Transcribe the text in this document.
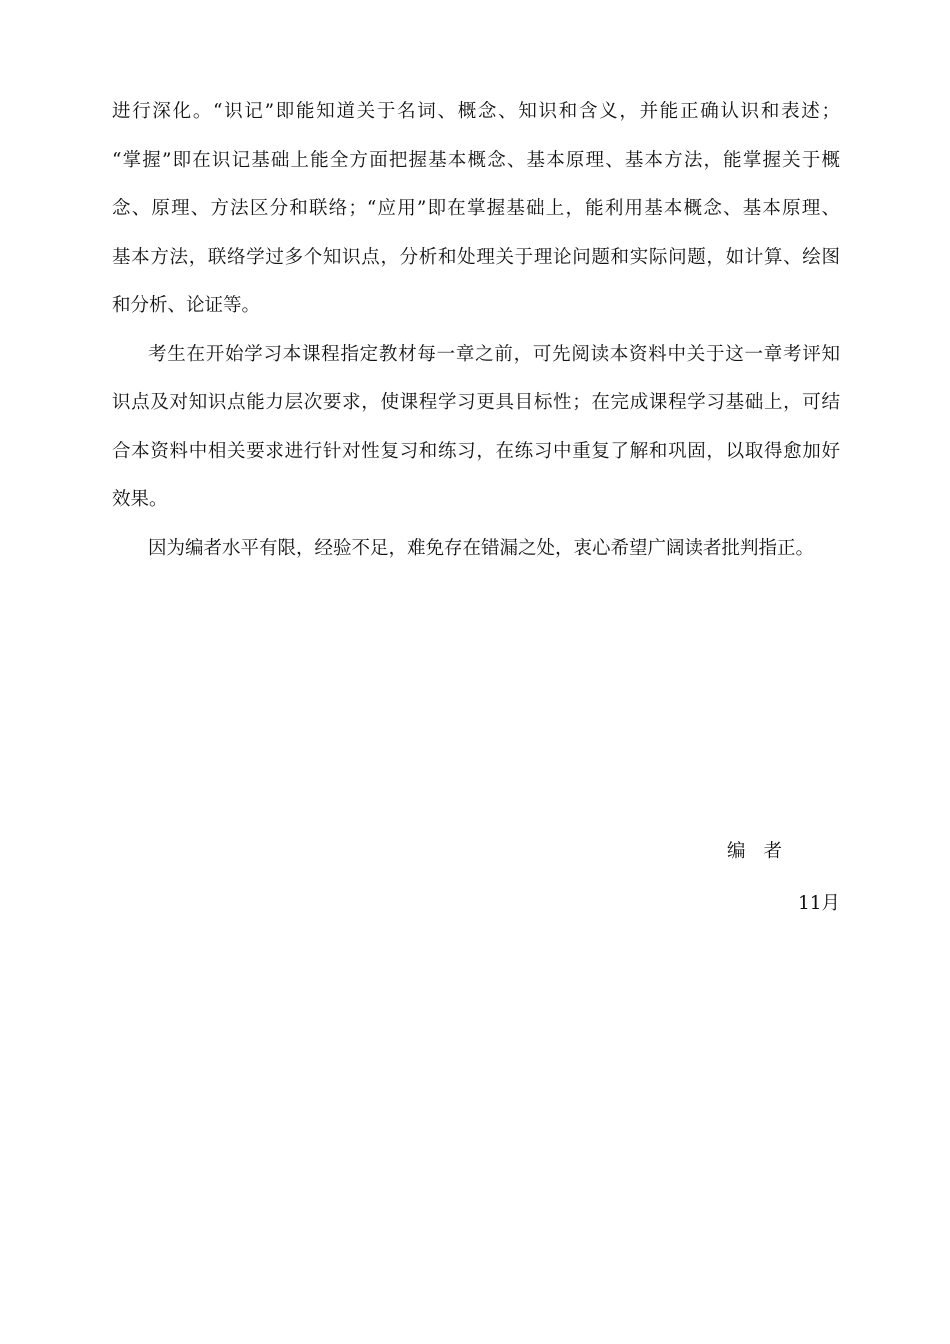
进行深化。“识记”即能知道关于名词、概念、知识和含义，并能正确认识和表述；
“掌握”即在识记基础上能全方面把握基本概念、基本原理、基本方法，能掌握关于概
念、原理、方法区分和联络；“应用”即在掌握基础上，能利用基本概念、基本原理、
基本方法，联络学过多个知识点，分析和处理关于理论问题和实际问题，如计算、绘图
和分析、论证等。
考生在开始学习本课程指定教材每一章之前，可先阅读本资料中关于这一章考评知
识点及对知识点能力层次要求，使课程学习更具目标性；在完成课程学习基础上，可结
合本资料中相关要求进行针对性复习和练习，在练习中重复了解和巩固，以取得愈加好
效果。
因为编者水平有限，经验不足，难免存在错漏之处，衷心希望广阔读者批判指正。
编者
11月
